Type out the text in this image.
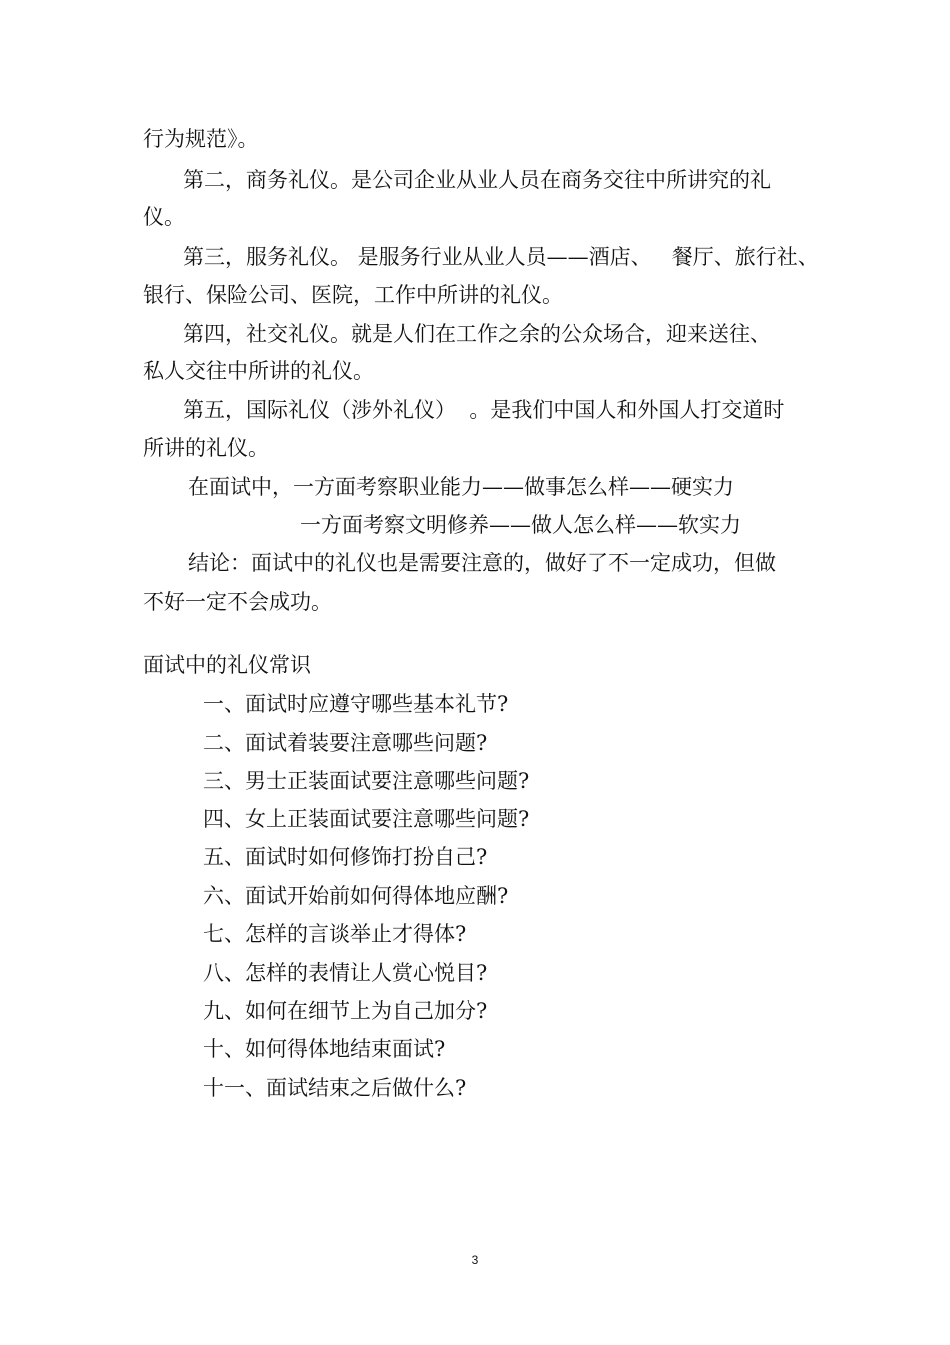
行为规范》。
第二，商务礼仪。是公司企业从业人员在商务交往中所讲究的礼
仪。
第三，服务礼仪。 是服务行业从业人员——酒店、   餐厅、旅行社、
银行、保险公司、医院，工作中所讲的礼仪。
第四，社交礼仪。就是人们在工作之余的公众场合，迎来送往、
私人交往中所讲的礼仪。
第五，国际礼仪（涉外礼仪）  。是我们中国人和外国人打交道时
所讲的礼仪。
在面试中，一方面考察职业能力——做事怎么样——硬实力
一方面考察文明修养——做人怎么样——软实力
结论：面试中的礼仪也是需要注意的，做好了不一定成功，但做
不好一定不会成功。
面试中的礼仪常识
一、面试时应遵守哪些基本礼节?
二、面试着装要注意哪些问题?
三、男士正装面试要注意哪些问题?
四、女上正装面试要注意哪些问题?
五、面试时如何修饰打扮自己?
六、面试开始前如何得体地应酬?
七、怎样的言谈举止才得体?
八、怎样的表情让人赏心悦目?
九、如何在细节上为自己加分?
十、如何得体地结束面试?
十一、面试结束之后做什么?
3
